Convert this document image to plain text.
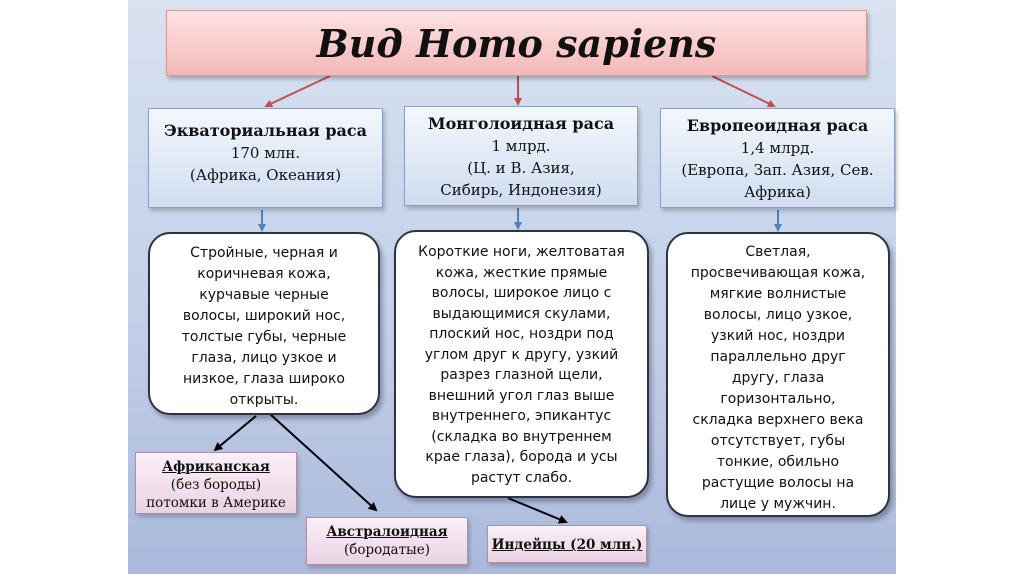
Вид Homo sapiens
Экваториальная раса
170 млн.
(Африка, Океания)
Монголоидная раса
1 млрд.
(Ц. и В. Азия,
Сибирь, Индонезия)
Европеоидная раса
1,4 млрд.
(Европа, Зап. Азия, Сев.
Африка)
Стройные, черная и
коричневая кожа,
курчавые черные
волосы, широкий нос,
толстые губы, черные
глаза, лицо узкое и
низкое, глаза широко
открыты.
Короткие ноги, желтоватая
кожа, жесткие прямые
волосы, широкое лицо с
выдающимися скулами,
плоский нос, ноздри под
углом друг к другу, узкий
разрез глазной щели,
внешний угол глаз выше
внутреннего, эпикантус
(складка во внутреннем
крае глаза), борода и усы
растут слабо.
Светлая,
просвечивающая кожа,
мягкие волнистые
волосы, лицо узкое,
узкий нос, ноздри
параллельно друг
другу, глаза
горизонтально,
складка верхнего века
отсутствует, губы
тонкие, обильно
растущие волосы на
лице у мужчин.
Африканская
(без бороды)
потомки в Америке
Австралоидная
(бородатые)	Индейцы (20 млн.)
